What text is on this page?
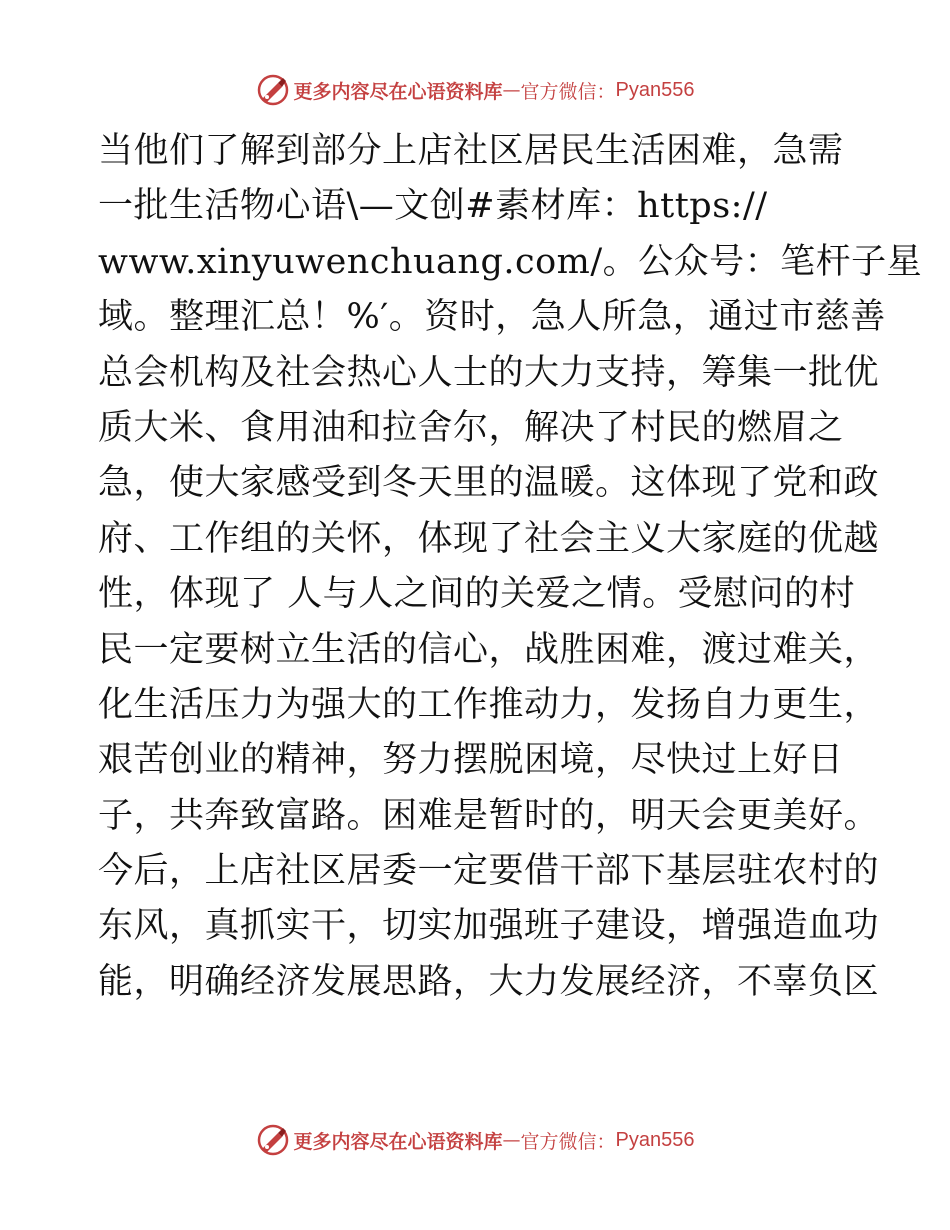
更多内容尽在心语资料库 — 官方微信： Pyan556
当他们了解到部分上店社区居民生活困难，急需
一批生活物心语\—文创#素材库：https://
www.xinyuwenchuang.com/。公众号：笔杆子星
域。整理汇总！%′。资时，急人所急，通过市慈善
总会机构及社会热心人士的大力支持，筹集一批优
质大米、食用油和拉舍尔，解决了村民的燃眉之
急，使大家感受到冬天里的温暖。这体现了党和政
府、工作组的关怀，体现了社会主义大家庭的优越
性，体现了 人与人之间的关爱之情。受慰问的村
民一定要树立生活的信心，战胜困难，渡过难关，
化生活压力为强大的工作推动力，发扬自力更生，
艰苦创业的精神，努力摆脱困境，尽快过上好日
子，共奔致富路。困难是暂时的，明天会更美好。
今后，上店社区居委一定要借干部下基层驻农村的
东风，真抓实干，切实加强班子建设，增强造血功
能，明确经济发展思路，大力发展经济，不辜负区
更多内容尽在心语资料库 — 官方微信： Pyan556
